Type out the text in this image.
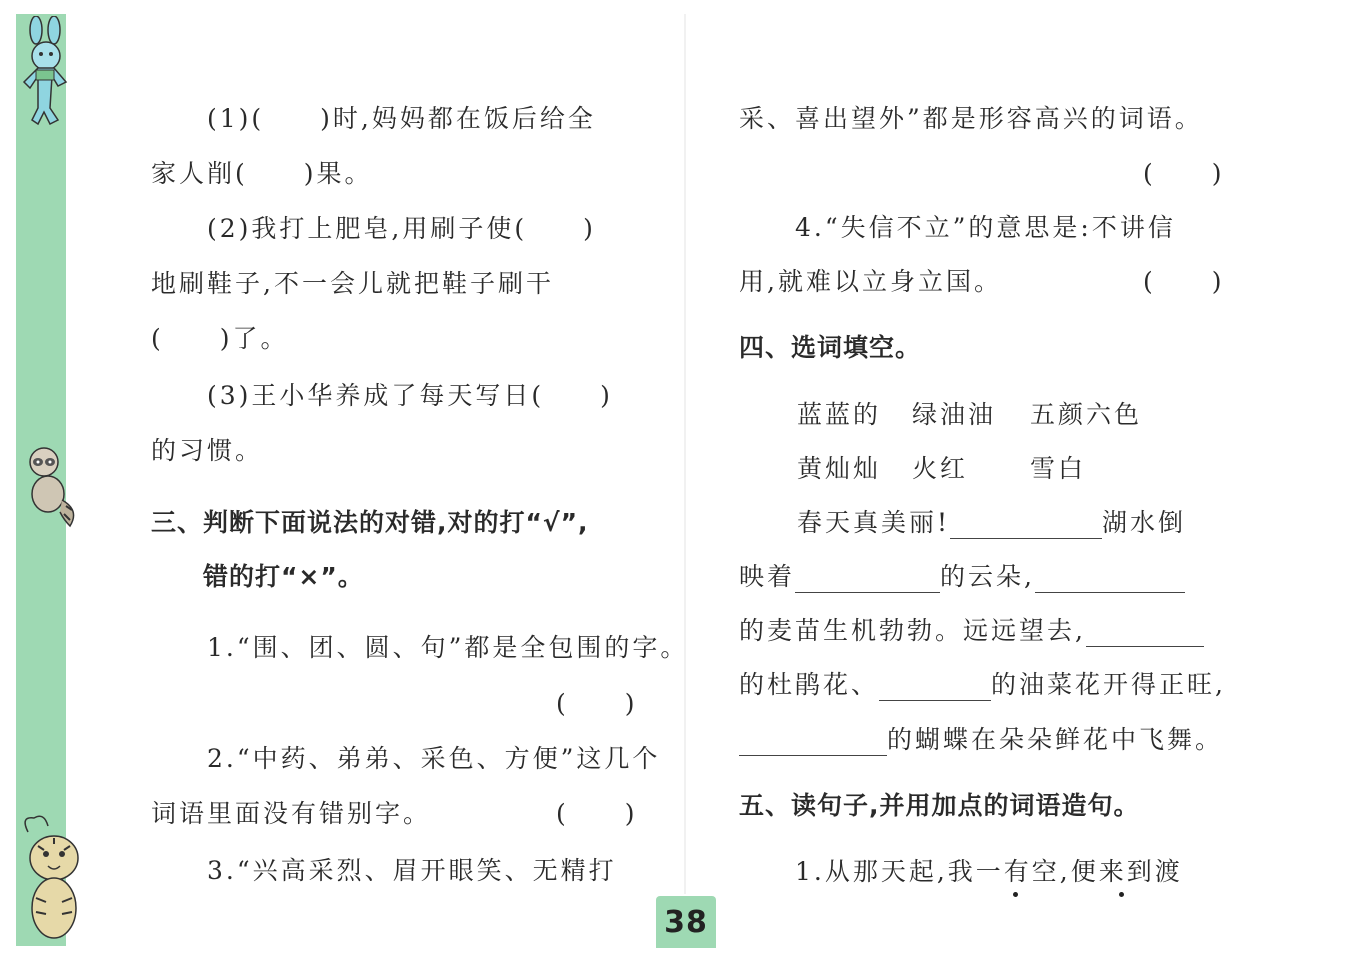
(1)(　　)时,妈妈都在饭后给全
家人削(　　)果。
(2)我打上肥皂,用刷子使(　　)
地刷鞋子,不一会儿就把鞋子刷干
(　　)了。
(3)王小华养成了每天写日(　　)
的习惯。
三、判断下面说法的对错,对的打“√”,
错的打“×”。
1.“围、团、圆、句”都是全包围的字。
(　　)
2.“中药、弟弟、采色、方便”这几个
词语里面没有错别字。	(　　)
3.“兴高采烈、眉开眼笑、无精打
采、喜出望外”都是形容高兴的词语。
(　　)
4.“失信不立”的意思是:不讲信
用,就难以立身立国。	(　　)
四、选词填空。
蓝蓝的 绿油油 五颜六色
黄灿灿 火红 雪白
春天真美丽!	湖水倒
映着	的云朵,
的麦苗生机勃勃。远远望去,
的杜鹃花、	的油菜花开得正旺,
的蝴蝶在朵朵鲜花中飞舞。
五、读句子,并用加点的词语造句。
1.从那天起,我一有空,便来到渡
38
